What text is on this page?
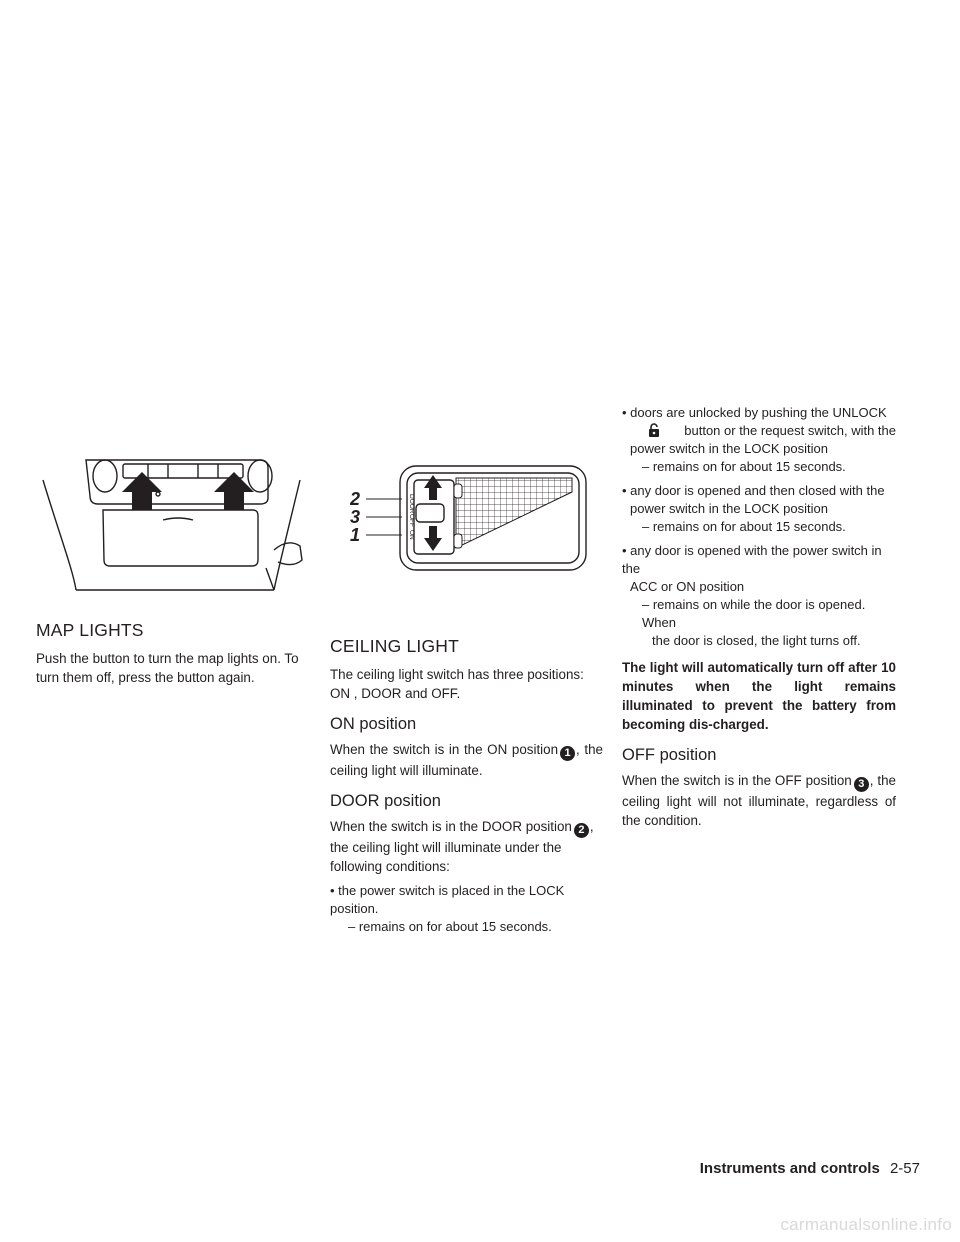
2
3
1
DOOR
OFF
ON
MAP LIGHTS

Push the button to turn the map lights on. To turn them off, press the button again.

CEILING LIGHT

The ceiling light switch has three positions: ON , DOOR and OFF.

ON position

When the switch is in the ON position 1 , the ceiling light will illuminate.

DOOR position

When the switch is in the DOOR position 2 , the ceiling light will illuminate under the following conditions:

• the power switch is placed in the LOCK position.

– remains on for about 15 seconds.

• doors are unlocked by pushing the UNLOCK

button or the request switch, with the

power switch in the LOCK position

– remains on for about 15 seconds.

• any door is opened and then closed with the

power switch in the LOCK position

– remains on for about 15 seconds.

• any door is opened with the power switch in the

ACC or ON position

– remains on while the door is opened. When

the door is closed, the light turns off.

The light will automatically turn off after 10 minutes when the light remains illuminated to prevent the battery from becoming dis-charged.

OFF position

When the switch is in the OFF position 3 , the ceiling light will not illuminate, regardless of the condition.

Instruments and controls 2-57
carmanualsonline.info
